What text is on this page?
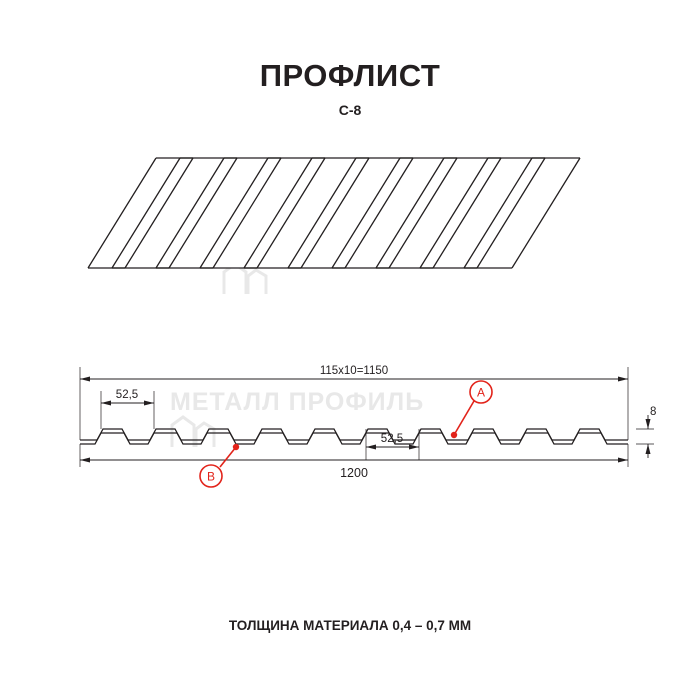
ПРОФЛИСТ
С-8
МЕТАЛЛ ПРОФИЛЬ
115х10=1150
52,5
52,5
1200
8
A
B
ТОЛЩИНА МАТЕРИАЛА 0,4 – 0,7 ММ
